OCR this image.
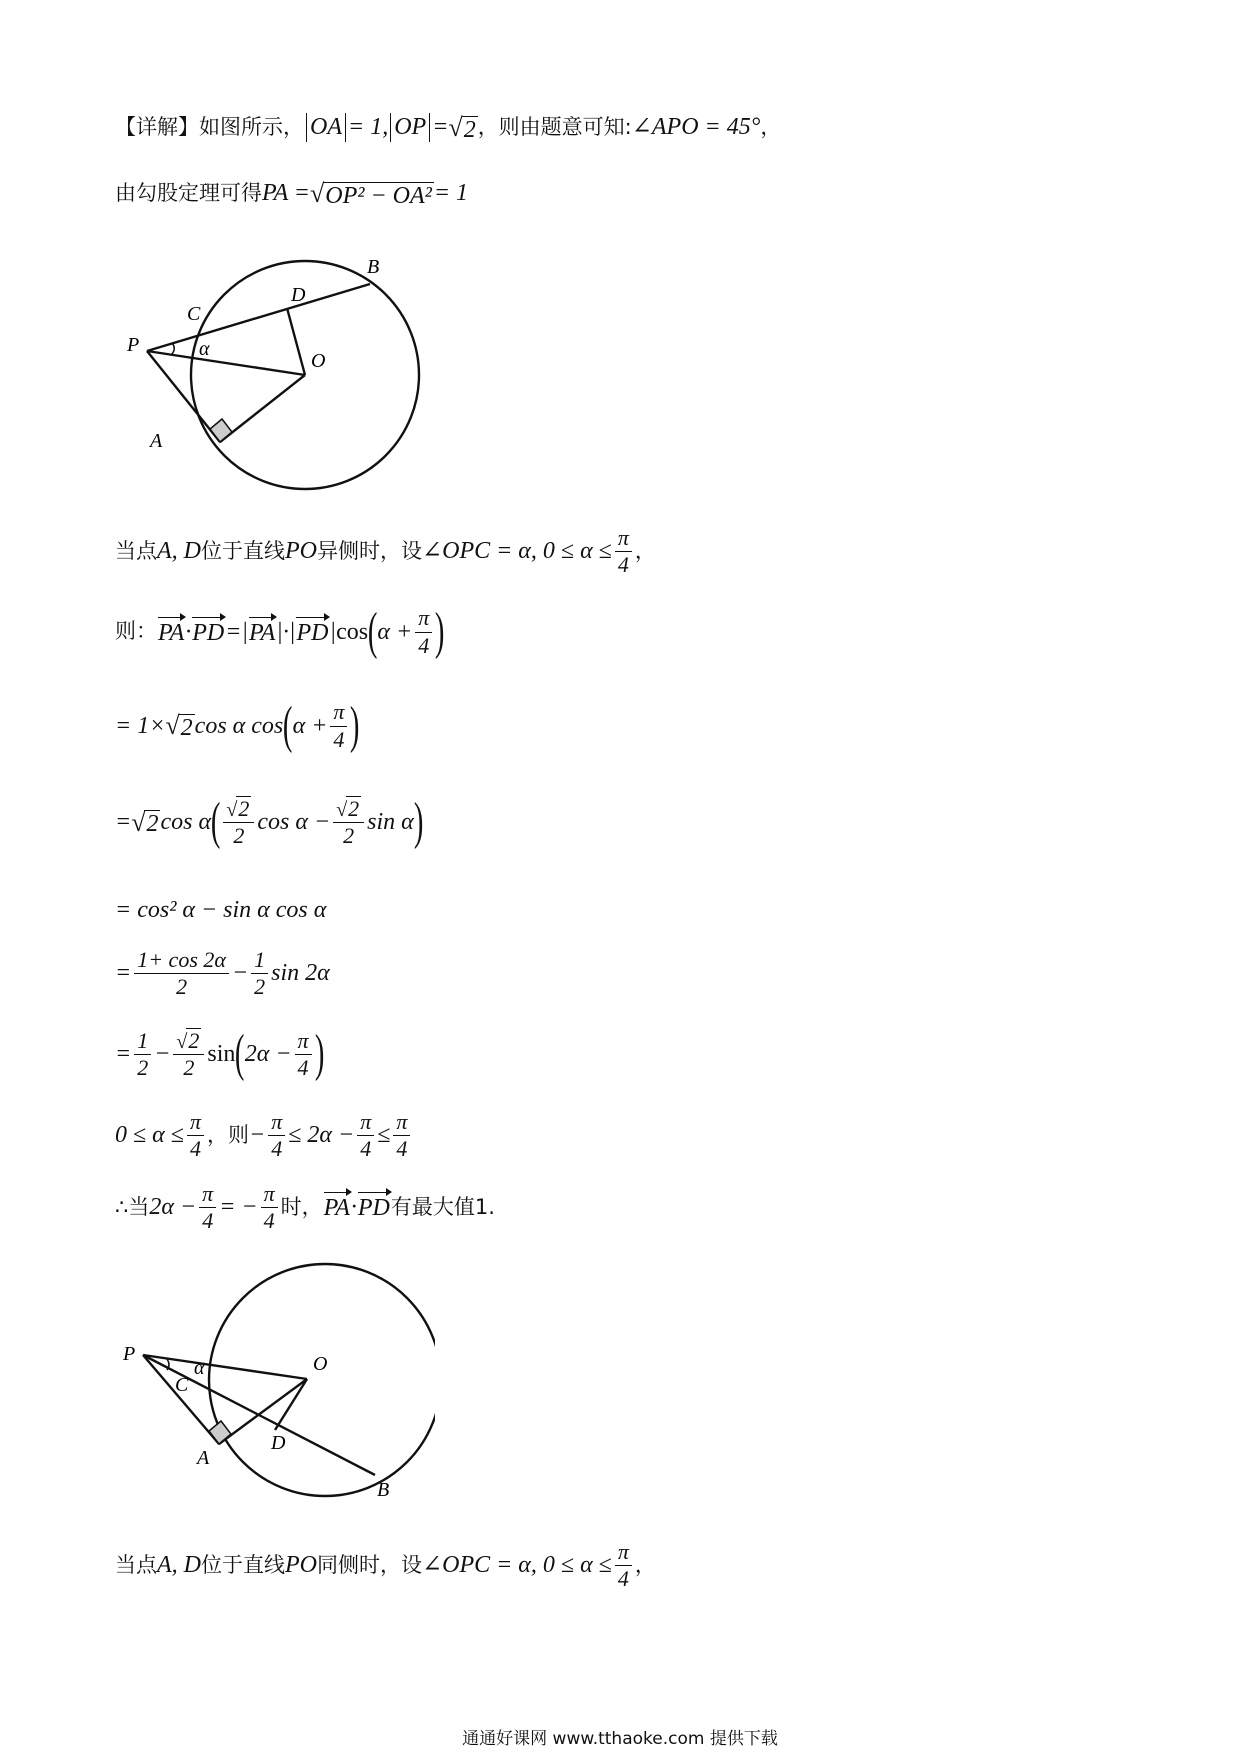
【详解】 如图所示， OA = 1, OP = √ 2 ，则由题意可知: ∠APO = 45° ，
由勾股定理可得 PA = √ OP² − OA² = 1
B
D
C
P	α
O
A
当点 A, D 位于直线 PO 异侧时，设 ∠OPC = α, $0 \le \alpha \le \frac{\pi}{4}$ ，
则： PA · PD = | PA |·| PD | cos ( $\alpha + \frac{\pi}{4}$ )
= 1× √ 2 cos α cos ( $\alpha + \frac{\pi}{4}$ )
= √ 2 cos α ( $\frac{√ 2}{2}$ $\cos \alpha - \frac{√ 2}{2}$ sin α )
= cos² α − sin α cos α
= $\frac{1+ \cos 2\alpha}{2} - \frac{1}{2}$ sin 2α
= $\frac{1}{2} - \frac{√ 2}{2}$ sin ( $2\alpha - \frac{\pi}{4}$ )
$0 \le \alpha \le \frac{\pi}{4}$ ，则 − $\frac{\pi}{4} \le 2\alpha - \frac{\pi}{4} \le \frac{\pi}{4}$
∴当 $2\alpha - \frac{\pi}{4}$ = − $\frac{\pi}{4}$ 时， PA · PD 有最大值1.
P
α	O
C
D
A
B
当点 A, D 位于直线 PO 同侧时，设 ∠OPC = α, $0 \le \alpha \le \frac{\pi}{4}$ ，
通通好课网 www.tthaoke.com 提供下载
